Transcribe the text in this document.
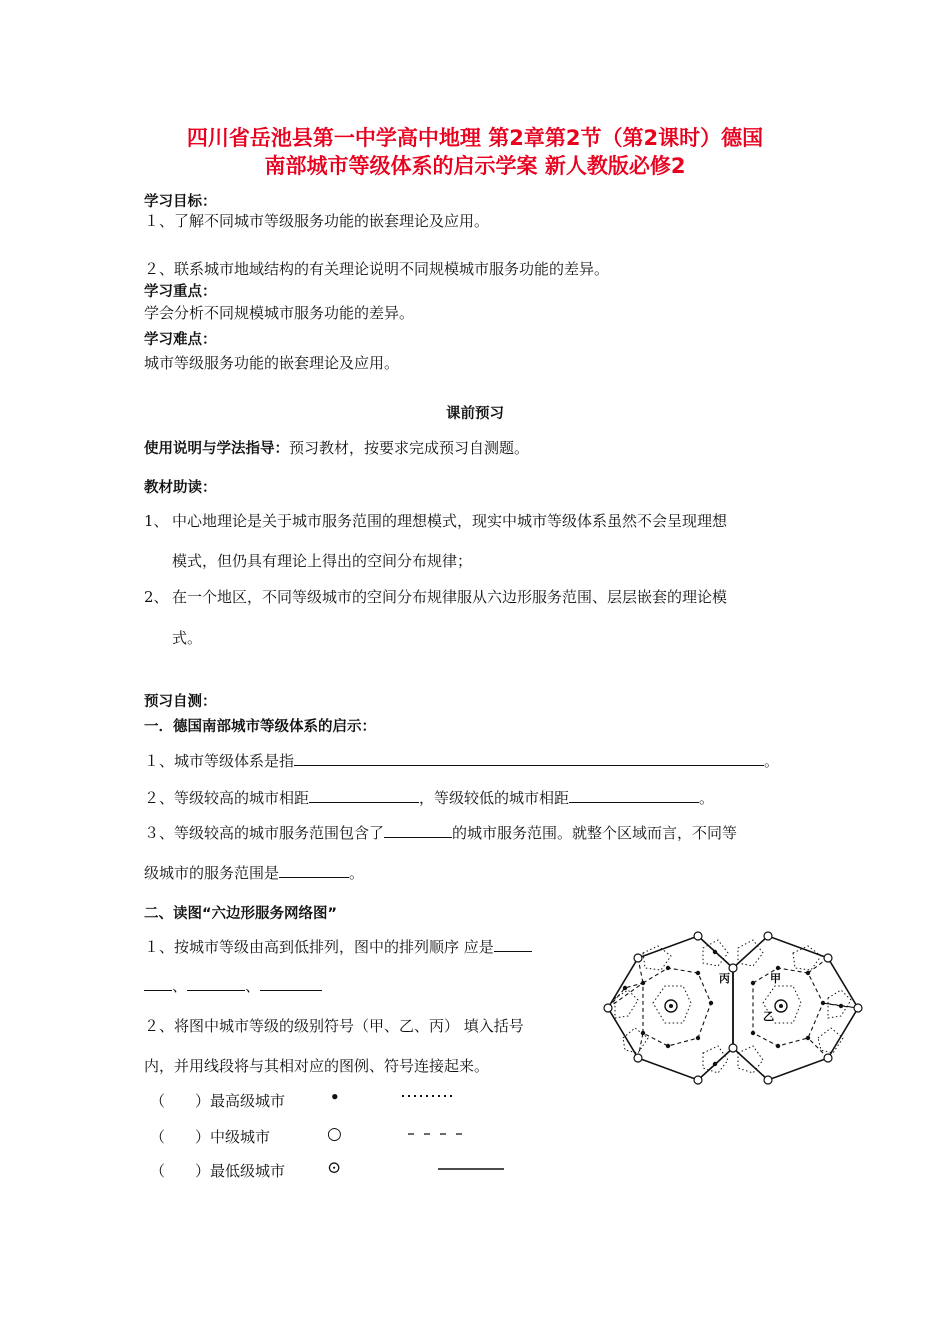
四川省岳池县第一中学高中地理 第2章第2节（第2课时）德国
南部城市等级体系的启示学案 新人教版必修2
学习目标：
１、了解不同城市等级服务功能的嵌套理论及应用。
２、联系城市地域结构的有关理论说明不同规模城市服务功能的差异。
学习重点：
学会分析不同规模城市服务功能的差异。
学习难点：
城市等级服务功能的嵌套理论及应用。
课前预习
使用说明与学法指导：预习教材，按要求完成预习自测题。
教材助读：
1、 中心地理论是关于城市服务范围的理想模式，现实中城市等级体系虽然不会呈现理想
模式，但仍具有理论上得出的空间分布规律；
2、 在一个地区，不同等级城市的空间分布规律服从六边形服务范围、层层嵌套的理论模
式。
预习自测：
一．德国南部城市等级体系的启示：
１、城市等级体系是指	。
２、等级较高的城市相距	，等级较低的城市相距	。
３、等级较高的城市服务范围包含了	的城市服务范围。就整个区域而言，不同等
级城市的服务范围是	。
二、读图“六边形服务网络图”
１、按城市等级由高到低排列，图中的排列顺序 应是
、	、
２、将图中城市等级的级别符号（甲、乙、丙） 填入括号
内，并用线段将与其相对应的图例、符号连接起来。
（　　） 最高级城市	•
（　　） 中级城市	○
（　　） 最低级城市 ⊙
丙	甲
乙
